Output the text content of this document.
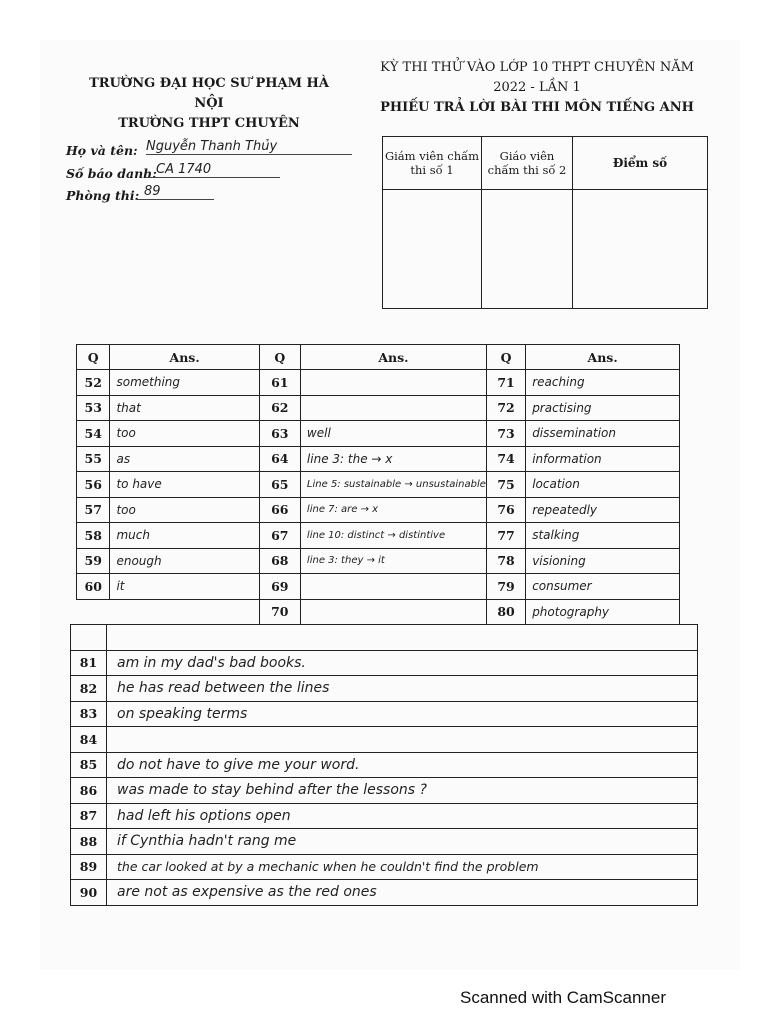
TRƯỜNG ĐẠI HỌC SƯ PHẠM HÀ NỘI
TRƯỜNG THPT CHUYÊN
KỲ THI THỬ VÀO LỚP 10 THPT CHUYÊN NĂM
2022 - LẦN 1
PHIẾU TRẢ LỜI BÀI THI MÔN TIẾNG ANH
Họ và tên: Nguyễn Thanh Thủy
Số báo danh: CA 1740
Phòng thi: 89
Giám viên chấm thi số 1	Giáo viên chấm thi số 2	Điểm số

Q	Ans.	Q	Ans.	Q	Ans.
52	something	61		71	reaching
53	that	62		72	practising
54	too	63	well	73	dissemination
55	as	64	line 3: the → x	74	information
56	to have	65	Line 5: sustainable → unsustainable	75	location
57	too	66	line 7: are → x	76	repeatedly
58	much	67	line 10: distinct → distintive	77	stalking
59	enough	68	line 3: they → it	78	visioning
60	it	69		79	consumer
		70		80	photography

81	am in my dad's bad books.
82	he has read between the lines
83	on speaking terms
84	
85	do not have to give me your word.
86	was made to stay behind after the lessons ?
87	had left his options open
88	if Cynthia hadn't rang me
89	the car looked at by a mechanic when he couldn't find the problem
90	are not as expensive as the red ones
Scanned with CamScanner
